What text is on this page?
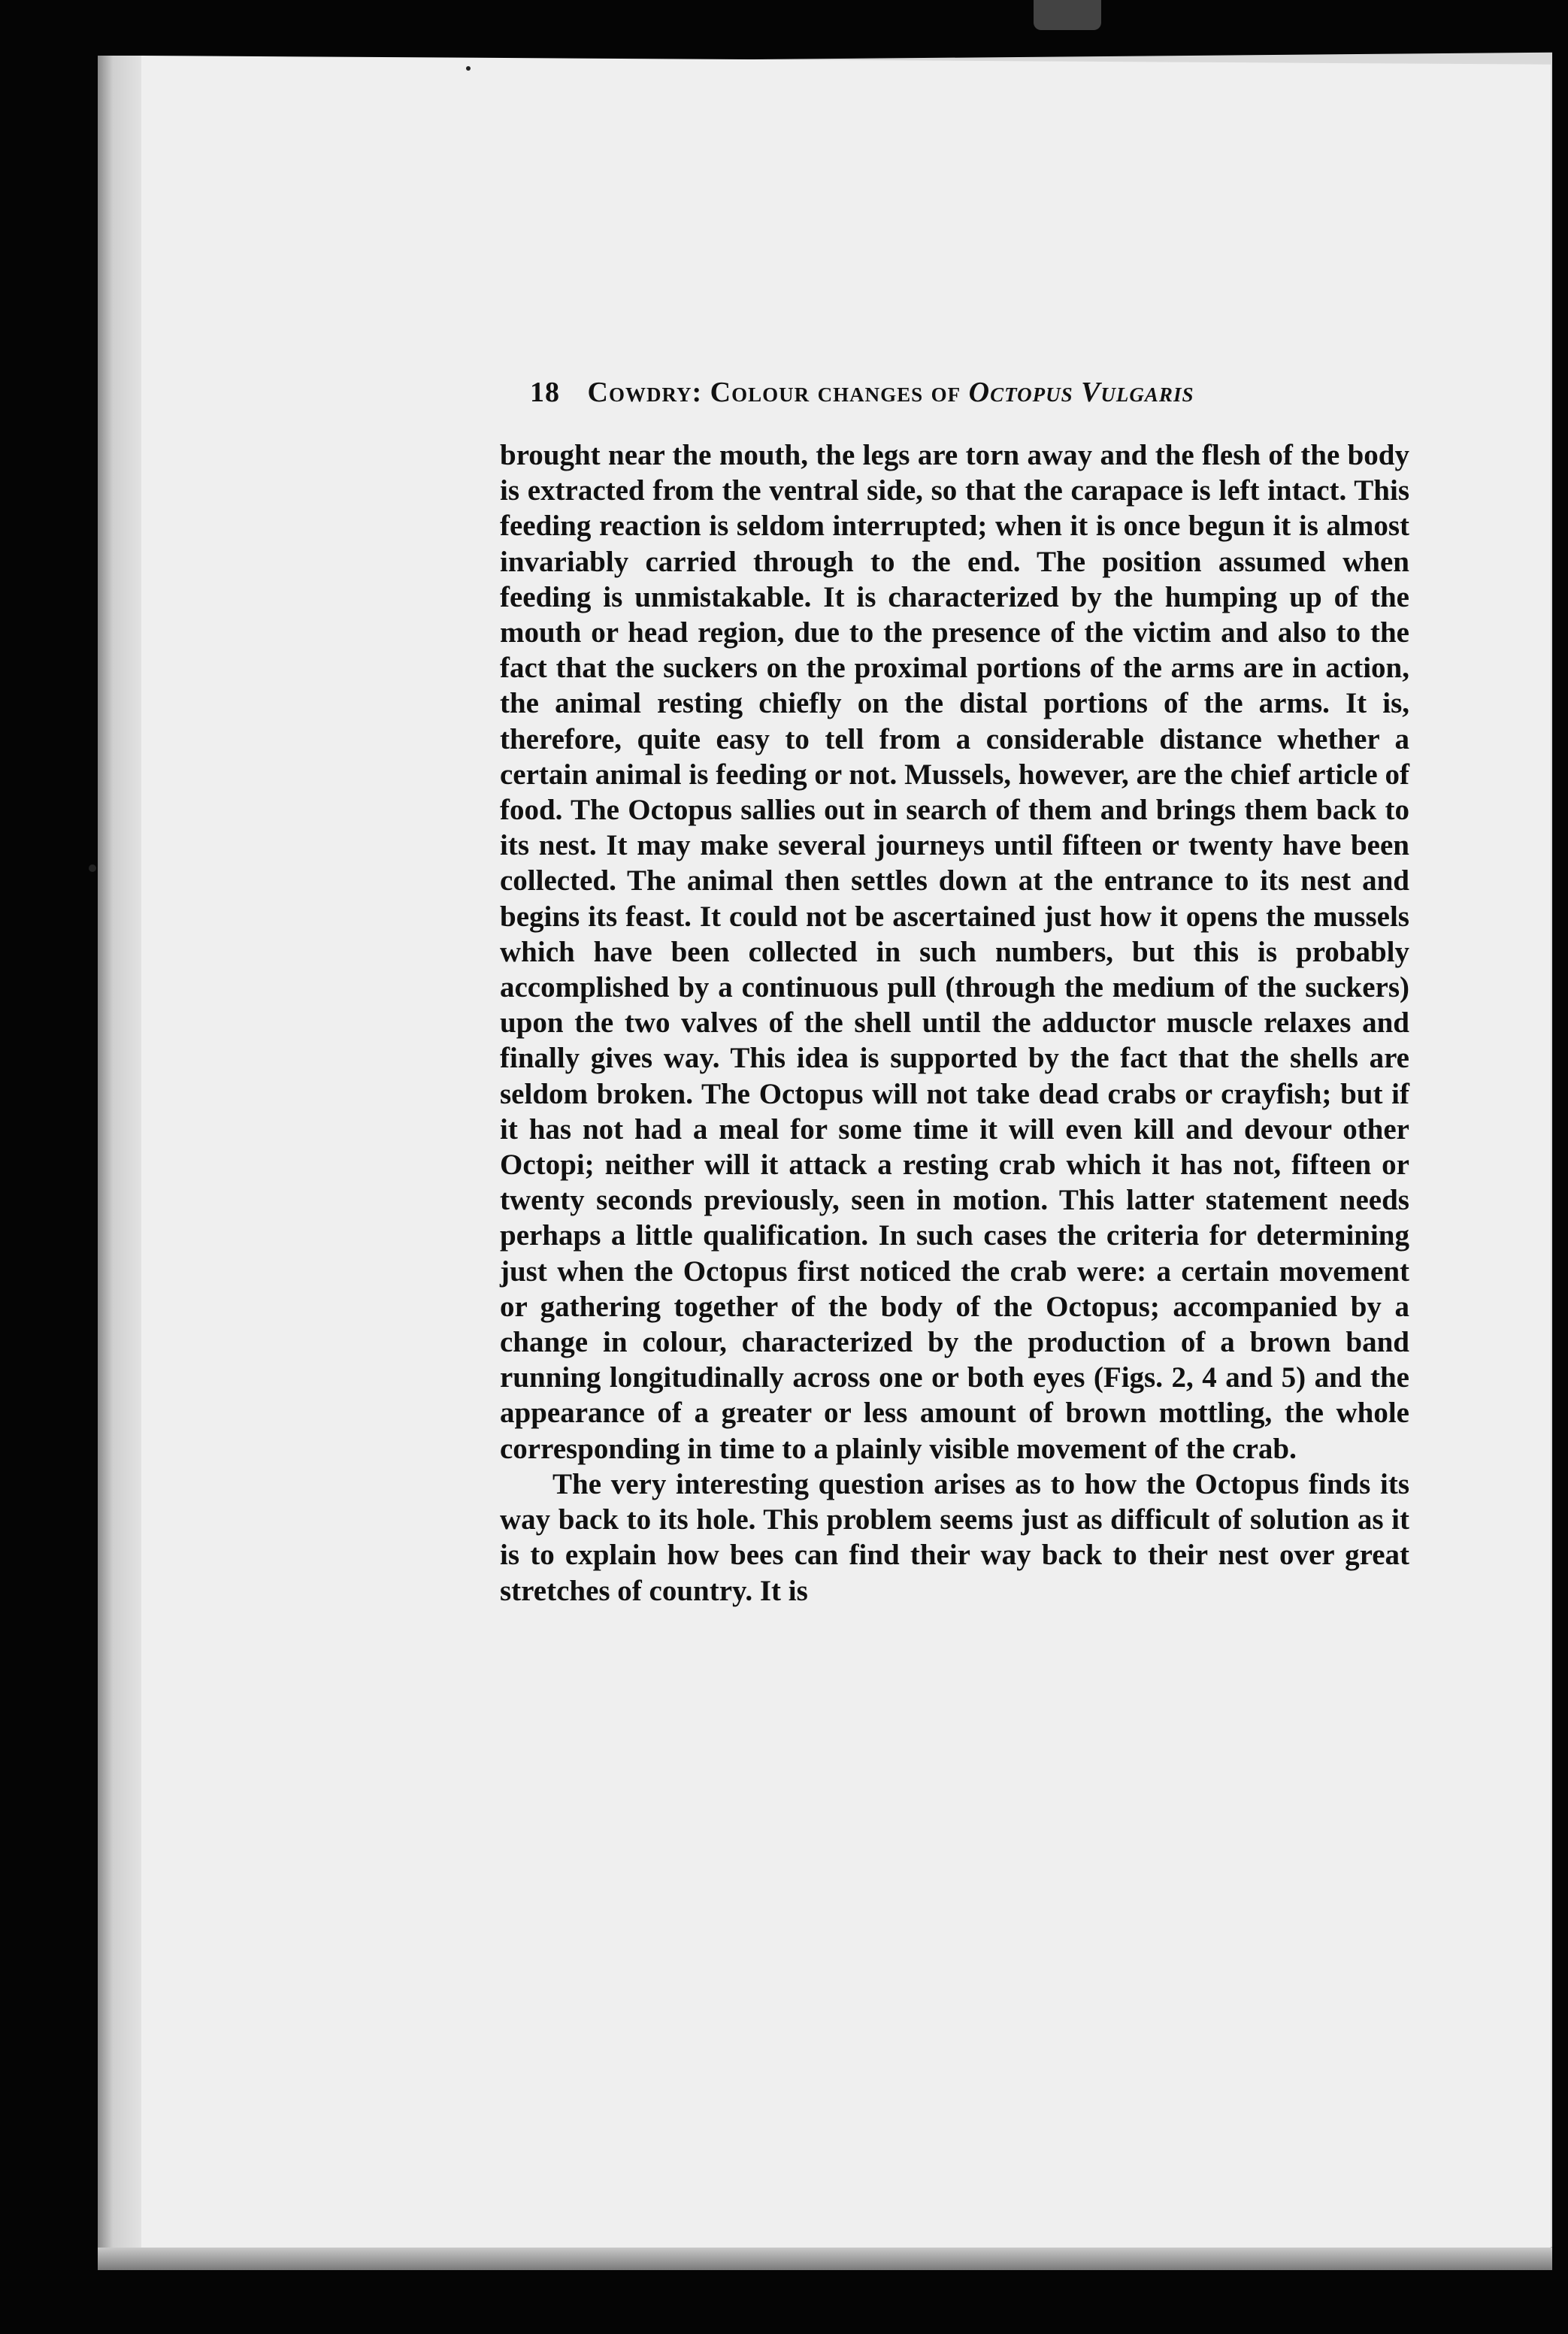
18 Cowdry: Colour changes of Octopus Vulgaris

brought near the mouth, the legs are torn away and the flesh of the body is extracted from the ventral side, so that the carapace is left intact. This feeding reaction is seldom interrupted; when it is once begun it is almost invariably carried through to the end. The position assumed when feeding is unmistakable. It is characterized by the humping up of the mouth or head region, due to the presence of the victim and also to the fact that the suckers on the proximal portions of the arms are in action, the animal resting chiefly on the distal portions of the arms. It is, therefore, quite easy to tell from a considerable distance whether a certain animal is feeding or not. Mussels, however, are the chief article of food. The Octopus sallies out in search of them and brings them back to its nest. It may make several journeys until fifteen or twenty have been collected. The animal then settles down at the entrance to its nest and begins its feast. It could not be ascertained just how it opens the mussels which have been collected in such numbers, but this is probably accomplished by a continuous pull (through the medium of the suckers) upon the two valves of the shell until the adductor muscle relaxes and finally gives way. This idea is supported by the fact that the shells are seldom broken. The Octopus will not take dead crabs or crayfish; but if it has not had a meal for some time it will even kill and devour other Octopi; neither will it attack a resting crab which it has not, fifteen or twenty seconds previously, seen in motion. This latter statement needs perhaps a little qualification. In such cases the criteria for determining just when the Octopus first noticed the crab were: a certain movement or gathering together of the body of the Octopus; accompanied by a change in colour, characterized by the production of a brown band running longitudinally across one or both eyes (Figs. 2, 4 and 5) and the appearance of a greater or less amount of brown mottling, the whole corresponding in time to a plainly visible movement of the crab.

The very interesting question arises as to how the Octopus finds its way back to its hole. This problem seems just as difficult of solution as it is to explain how bees can find their way back to their nest over great stretches of country. It is
